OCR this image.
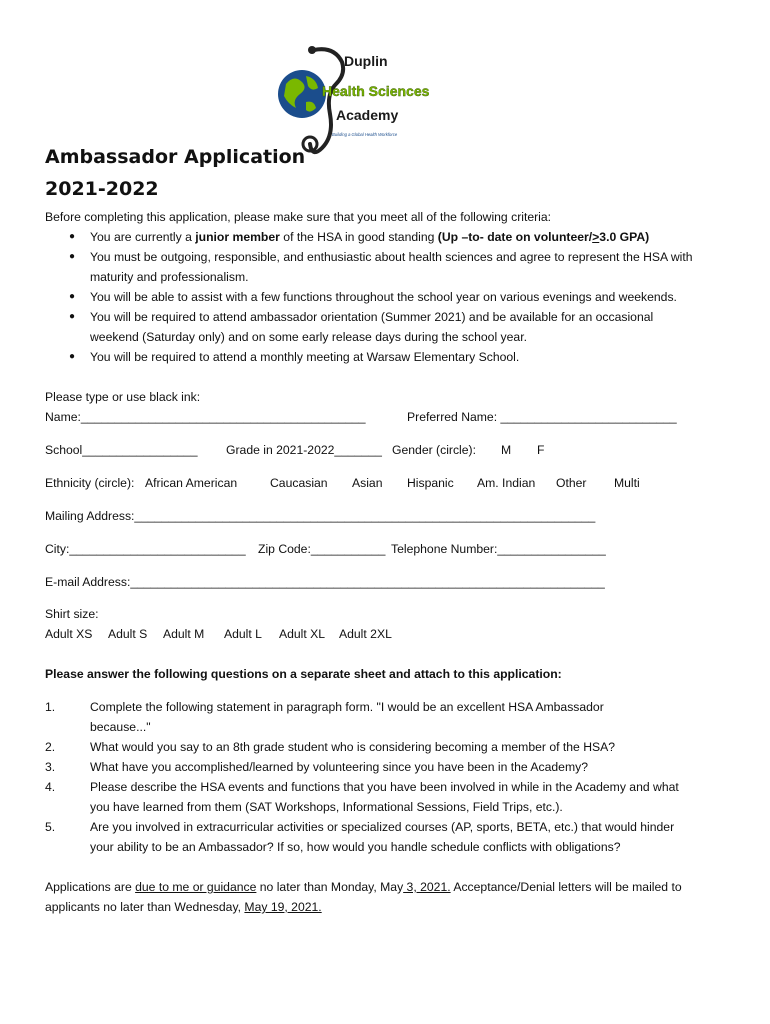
Duplin
Health Sciences
Academy
Building a Global Health Workforce
Ambassador Application
2021-2022
Before completing this application, please make sure that you meet all of the following criteria:
You are currently a junior member of the HSA in good standing (Up –to- date on volunteer/>3.0 GPA)
You must be outgoing, responsible, and enthusiastic about health sciences and agree to represent the HSA with
maturity and professionalism.
You will be able to assist with a few functions throughout the school year on various evenings and weekends.
You will be required to attend ambassador orientation (Summer 2021) and be available for an occasional
weekend (Saturday only) and on some early release days during the school year.
You will be required to attend a monthly meeting at Warsaw Elementary School.
Please type or use black ink:
Name:__________________________________________	Preferred Name: __________________________
School_________________ Grade in 2021-2022_______ Gender (circle): M F
Ethnicity (circle): African American	Caucasian Asian Hispanic Am. Indian Other Multi
Mailing Address:____________________________________________________________________
City:__________________________ Zip Code:___________ Telephone Number:________________
E-mail Address:______________________________________________________________________
Shirt size:
Adult XS Adult S Adult M Adult L Adult XL Adult 2XL
Please answer the following questions on a separate sheet and attach to this application:
1.	Complete the following statement in paragraph form. "I would be an excellent HSA Ambassador
because..."
2.	What would you say to an 8th grade student who is considering becoming a member of the HSA?
3.	What have you accomplished/learned by volunteering since you have been in the Academy?
4.	Please describe the HSA events and functions that you have been involved in while in the Academy and what
you have learned from them (SAT Workshops, Informational Sessions, Field Trips, etc.).
5.	Are you involved in extracurricular activities or specialized courses (AP, sports, BETA, etc.) that would hinder
your ability to be an Ambassador? If so, how would you handle schedule conflicts with obligations?
Applications are due to me or guidance no later than Monday, May 3, 2021. Acceptance/Denial letters will be mailed to
applicants no later than Wednesday, May 19, 2021.
